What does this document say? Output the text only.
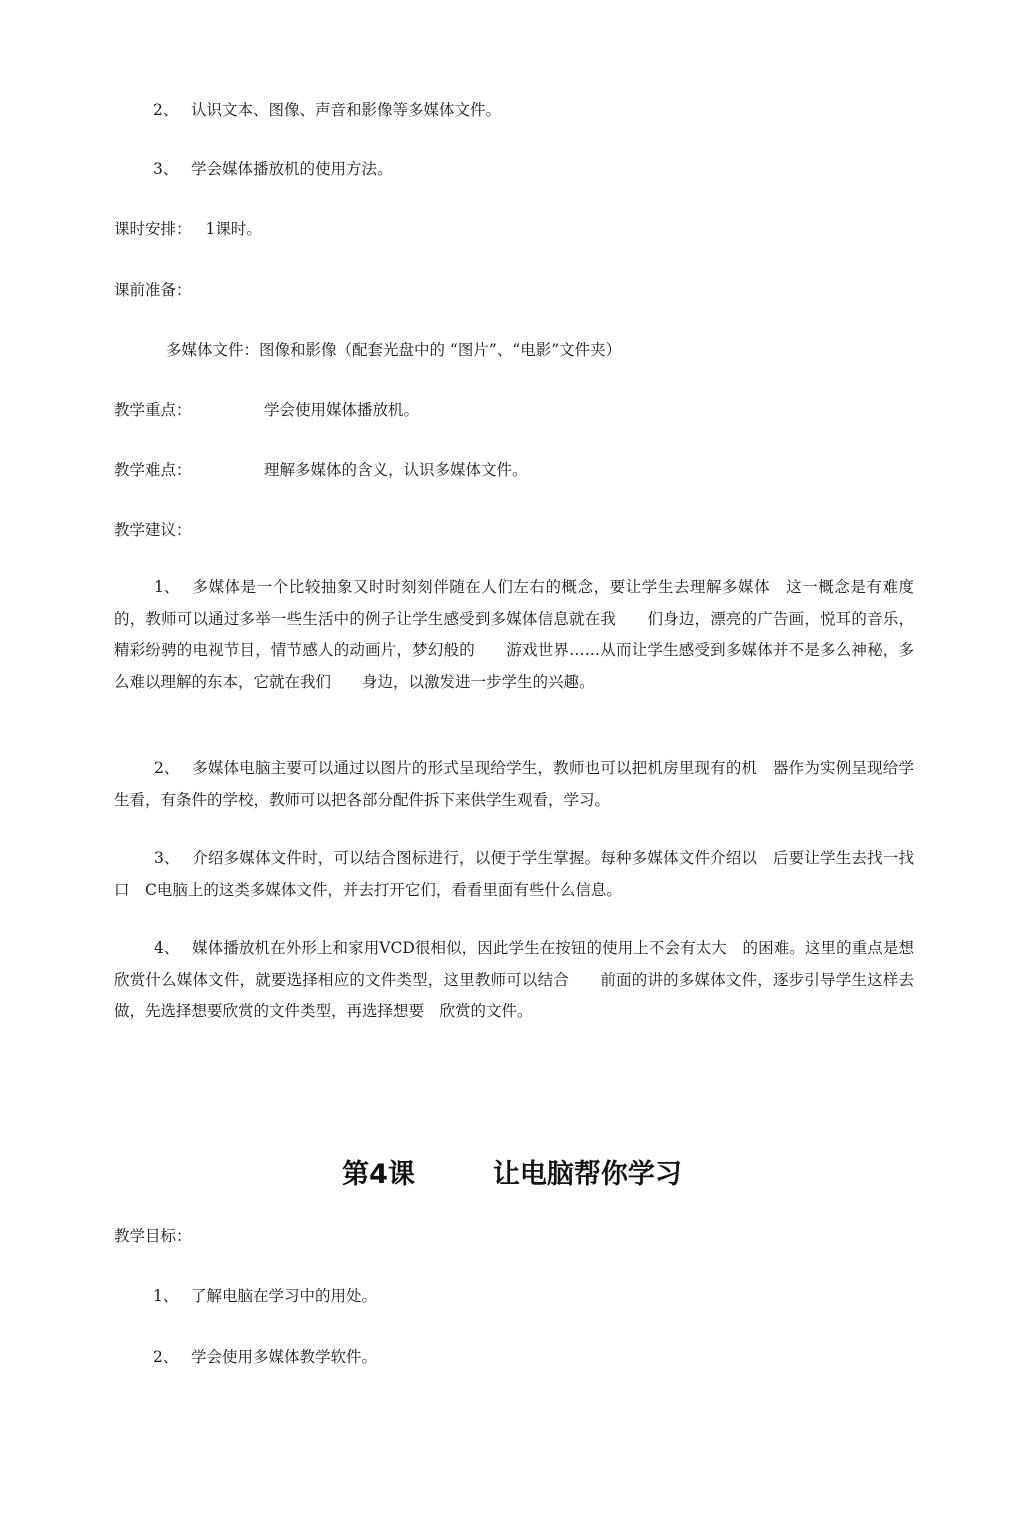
2、 认识文本、图像、声音和影像等多媒体文件。
3、 学会媒体播放机的使用方法。
课时安排： 1课时。
课前准备：
多媒体文件：图像和影像（配套光盘中的 “图片”、“电影”文件夹）
教学重点：	学会使用媒体播放机。
教学难点：	理解多媒体的含义，认识多媒体文件。
教学建议：
1、 多媒体是一个比较抽象又时时刻刻伴随在人们左右的概念，要让学生去理解多媒体　这一概念是有难度的，教师可以通过多举一些生活中的例子让学生感受到多媒体信息就在我　　们身边，漂亮的广告画，悦耳的音乐，精彩纷骋的电视节目，情节感人的动画片，梦幻般的　　游戏世界……从而让学生感受到多媒体并不是多么神秘，多么难以理解的东本，它就在我们　　身边，以激发进一步学生的兴趣。
2、 多媒体电脑主要可以通过以图片的形式呈现给学生，教师也可以把机房里现有的机　器作为实例呈现给学生看，有条件的学校，教师可以把各部分配件拆下来供学生观看，学习。
3、 介绍多媒体文件时，可以结合图标进行，以便于学生掌握。每种多媒体文件介绍以　后要让学生去找一找口　C电脑上的这类多媒体文件，并去打开它们，看看里面有些什么信息。
4、 媒体播放机在外形上和家用VCD很相似，因此学生在按钮的使用上不会有太大　的困难。这里的重点是想欣赏什么媒体文件，就要选择相应的文件类型，这里教师可以结合　　前面的讲的多媒体文件，逐步引导学生这样去做，先选择想要欣赏的文件类型，再选择想要　欣赏的文件。
第4课	让电脑帮你学习
教学目标：
1、 了解电脑在学习中的用处。
2、 学会使用多媒体教学软件。
